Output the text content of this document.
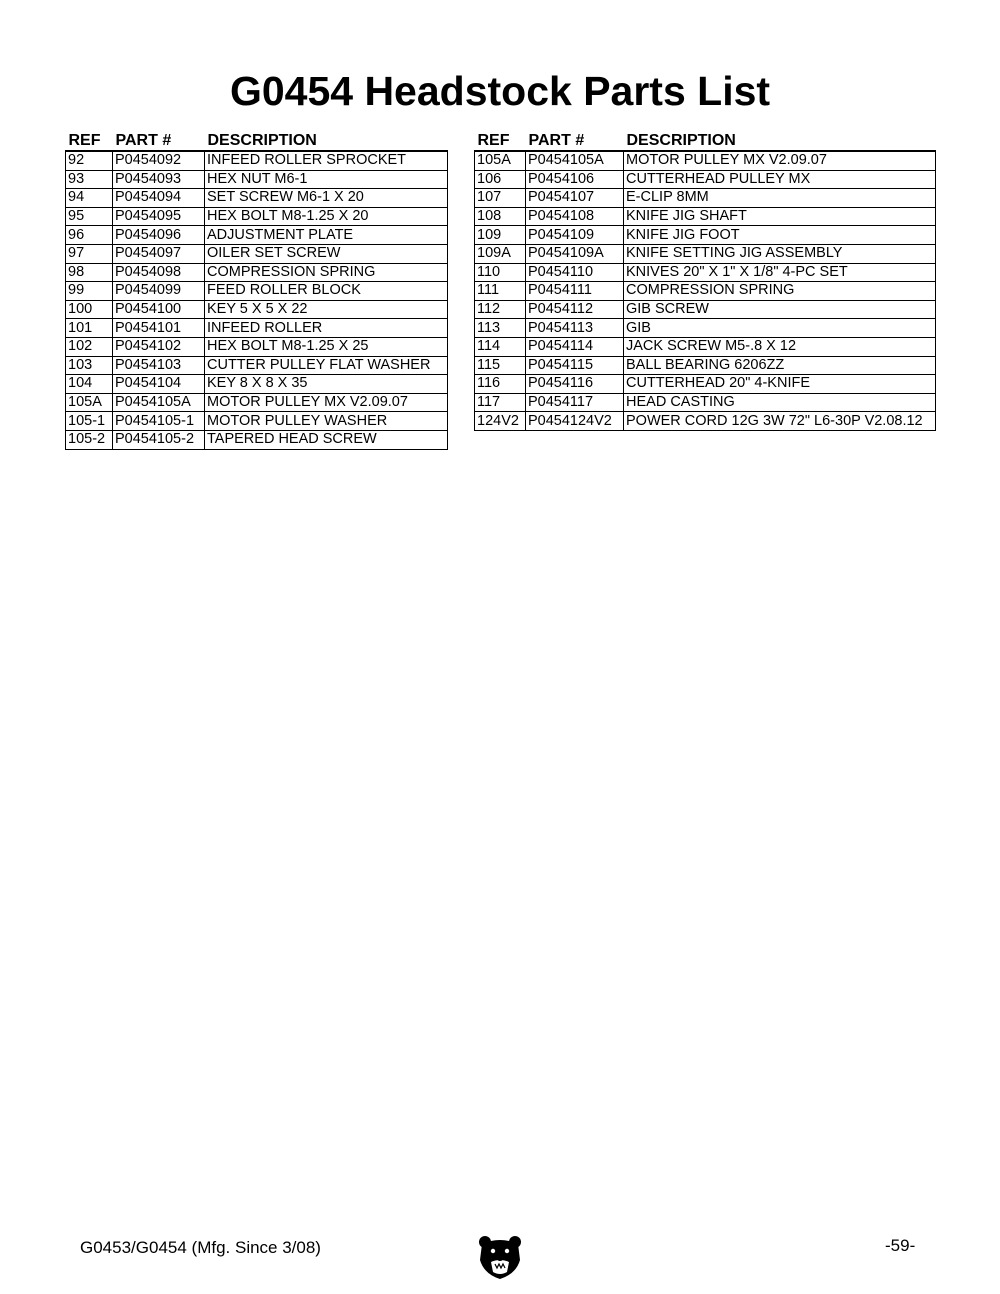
G0454 Headstock Parts List
REF	PART #	DESCRIPTION
92	P0454092	INFEED ROLLER SPROCKET
93	P0454093	HEX NUT M6-1
94	P0454094	SET SCREW M6-1 X 20
95	P0454095	HEX BOLT M8-1.25 X 20
96	P0454096	ADJUSTMENT PLATE
97	P0454097	OILER SET SCREW
98	P0454098	COMPRESSION SPRING
99	P0454099	FEED ROLLER BLOCK
100	P0454100	KEY 5 X 5 X 22
101	P0454101	INFEED ROLLER
102	P0454102	HEX BOLT M8-1.25 X 25
103	P0454103	CUTTER PULLEY FLAT WASHER
104	P0454104	KEY 8 X 8 X 35
105A	P0454105A	MOTOR PULLEY MX V2.09.07
105-1	P0454105-1	MOTOR PULLEY WASHER
105-2	P0454105-2	TAPERED HEAD SCREW
REF	PART #	DESCRIPTION
105A	P0454105A	MOTOR PULLEY MX V2.09.07
106	P0454106	CUTTERHEAD PULLEY MX
107	P0454107	E-CLIP 8MM
108	P0454108	KNIFE JIG SHAFT
109	P0454109	KNIFE JIG FOOT
109A	P0454109A	KNIFE SETTING JIG ASSEMBLY
110	P0454110	KNIVES 20" X 1" X 1/8" 4-PC SET
111	P0454111	COMPRESSION SPRING
112	P0454112	GIB SCREW
113	P0454113	GIB
114	P0454114	JACK SCREW M5-.8 X 12
115	P0454115	BALL BEARING 6206ZZ
116	P0454116	CUTTERHEAD 20" 4-KNIFE
117	P0454117	HEAD CASTING
124V2	P0454124V2	POWER CORD 12G 3W 72" L6-30P V2.08.12
G0453/G0454 (Mfg. Since 3/08)	-59-
